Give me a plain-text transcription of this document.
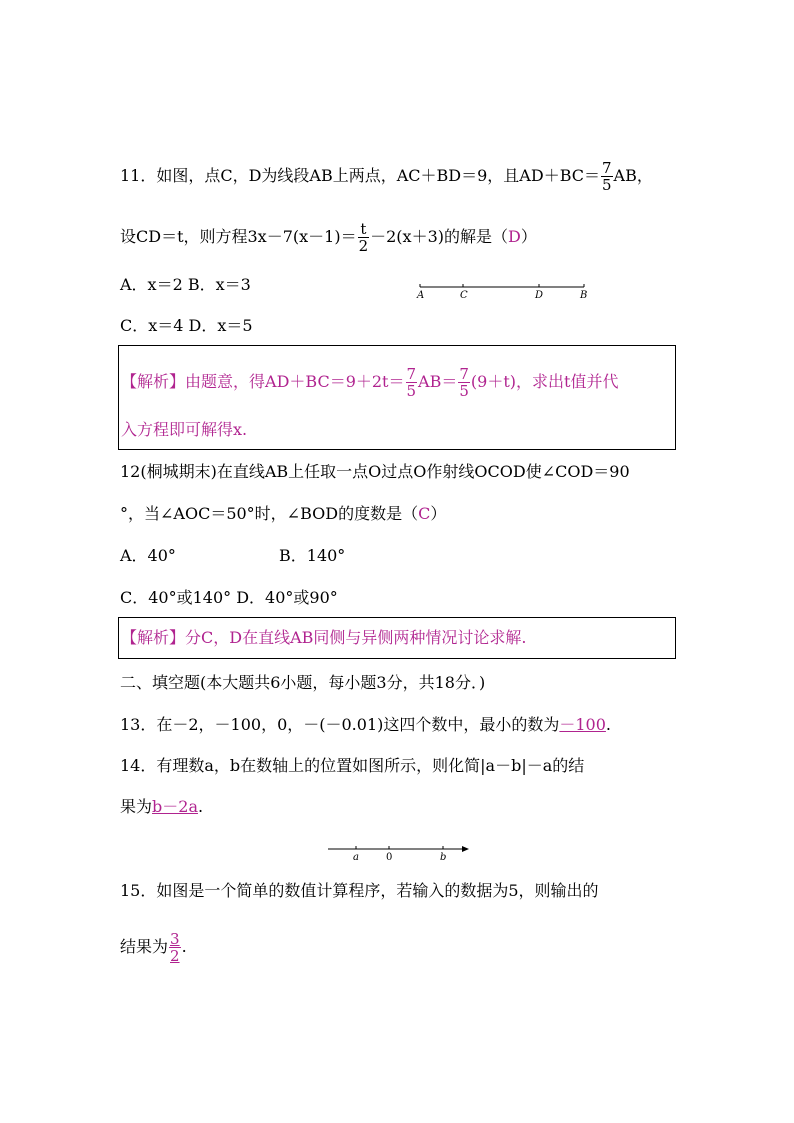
11．如图，点C，D为线段AB上两点，AC＋BD＝9，且$AD+BC= \frac{7}{5}$ AB，
设CD＝t，则方程$3x-7(x-1)= \frac{t}{2} -2(x+3)$的解是（D）
A．x＝2 B．x＝3
C．x＝4 D．x＝5
A	C	D	B
【解析】由题意，得$AD+BC=9+2t= \frac{7}{5} AB= \frac{7}{5} (9+t)$，求出t值并代
入方程即可解得x.
12(桐城期末)在直线AB上任取一点O过点O作射线OCOD使∠COD＝90
°，当∠AOC＝50°时，∠BOD的度数是（C）
A．40°	B．140°
C．40°或140° D．40°或90°
【解析】分C，D在直线AB同侧与异侧两种情况讨论求解.
二、填空题(本大题共6小题，每小题3分，共18分．)
13．在－2，－100，0，－(－0.01)这四个数中，最小的数为－100.
14．有理数a，b在数轴上的位置如图所示，则化简|a－b|－a的结
果为b－2a.
a	0	b
15．如图是一个简单的数值计算程序，若输入的数据为5，则输出的
结果为 $\frac{3}{2}$ .
